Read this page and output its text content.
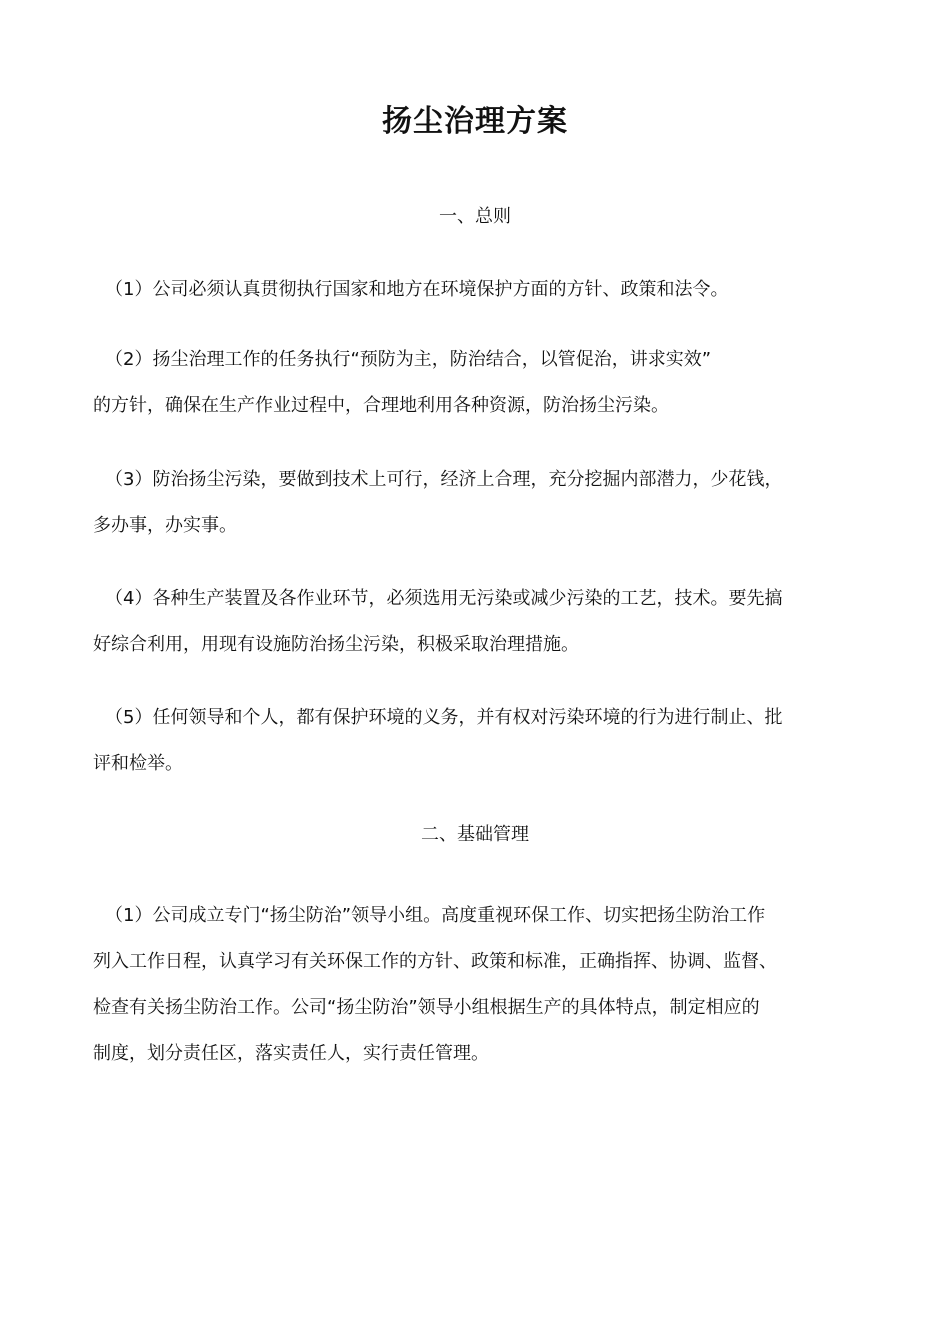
扬尘治理方案
一、总则
（1）公司必须认真贯彻执行国家和地方在环境保护方面的方针、政策和法令。
（2）扬尘治理工作的任务执行“预防为主，防治结合，以管促治，讲求实效”
的方针，确保在生产作业过程中，合理地利用各种资源，防治扬尘污染。
（3）防治扬尘污染，要做到技术上可行，经济上合理，充分挖掘内部潜力，少花钱，
多办事，办实事。
（4）各种生产装置及各作业环节，必须选用无污染或减少污染的工艺，技术。要先搞
好综合利用，用现有设施防治扬尘污染，积极采取治理措施。
（5）任何领导和个人，都有保护环境的义务，并有权对污染环境的行为进行制止、批
评和检举。
二、基础管理
（1）公司成立专门“扬尘防治”领导小组。高度重视环保工作、切实把扬尘防治工作
列入工作日程，认真学习有关环保工作的方针、政策和标准，正确指挥、协调、监督、
检查有关扬尘防治工作。公司“扬尘防治”领导小组根据生产的具体特点，制定相应的
制度，划分责任区，落实责任人，实行责任管理。
